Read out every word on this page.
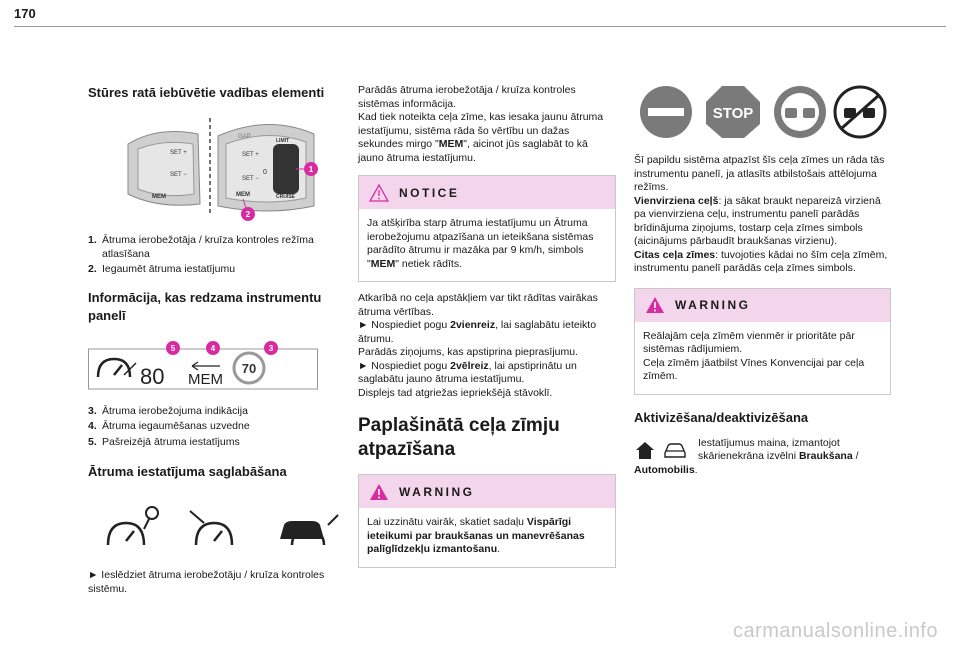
170
Stūres ratā iebūvētie vadības elementi
SET +
SET −
MEM
LIMIT
CRUISE
GAP
0
SET +
SET −
MEM
1
2
1. Ātruma ierobežotāja / kruīza kontroles režīma atlasīšana
2. Iegaumēt ātruma iestatījumu
Informācija, kas redzama instrumentu panelī
80 MEM
70
5	4	3
3. Ātruma ierobežojuma indikācija
4. Ātruma iegaumēšanas uzvedne
5. Pašreizējā ātruma iestatījums
Ātruma iestatījuma saglabāšana

► Ieslēdziet ātruma ierobežotāju / kruīza kontroles sistēmu.

Parādās ātruma ierobežotāja / kruīza kontroles sistēmas informācija.

Kad tiek noteikta ceļa zīme, kas iesaka jaunu ātruma iestatījumu, sistēma rāda šo vērtību un dažas sekundes mirgo "MEM", aicinot jūs saglabāt to kā jauno ātruma iestatījumu.

NOTICE

Ja atšķirība starp ātruma iestatījumu un Ātruma ierobežojumu atpazīšana un ieteikšana sistēmas parādīto ātrumu ir mazāka par 9 km/h, simbols "MEM" netiek rādīts.

Atkarībā no ceļa apstākļiem var tikt rādītas vairākas ātruma vērtības.

► Nospiediet pogu 2vienreiz, lai saglabātu ieteikto ātrumu.

Parādās ziņojums, kas apstiprina pieprasījumu.

► Nospiediet pogu 2vēlreiz, lai apstiprinātu un saglabātu jauno ātruma iestatījumu.

Displejs tad atgriežas iepriekšējā stāvoklī.

Paplašinātā ceļa zīmju atpazīšana
WARNING

Lai uzzinātu vairāk, skatiet sadaļu Vispārīgi ieteikumi par braukšanas un manevrēšanas palīglīdzekļu izmantošanu.

STOP

Šī papildu sistēma atpazīst šīs ceļa zīmes un rāda tās instrumentu panelī, ja atlasīts atbilstošais attēlojuma režīms.

Vienvirziena ceļš: ja sākat braukt nepareizā virzienā pa vienvirziena ceļu, instrumentu panelī parādās brīdinājuma ziņojums, tostarp ceļa zīmes simbols (aicinājums pārbaudīt braukšanas virzienu).

Citas ceļa zīmes: tuvojoties kādai no šīm ceļa zīmēm, instrumentu panelī parādās ceļa zīmes simbols.

WARNING

Reālajām ceļa zīmēm vienmēr ir prioritāte pār sistēmas rādījumiem.

Ceļa zīmēm jāatbilst Vīnes Konvencijai par ceļa zīmēm.

Aktivizēšana/deaktivizēšana

Iestatījumus maina, izmantojot skārienekrāna izvēlni Braukšana /

Automobilis.

carmanualsonline.info
